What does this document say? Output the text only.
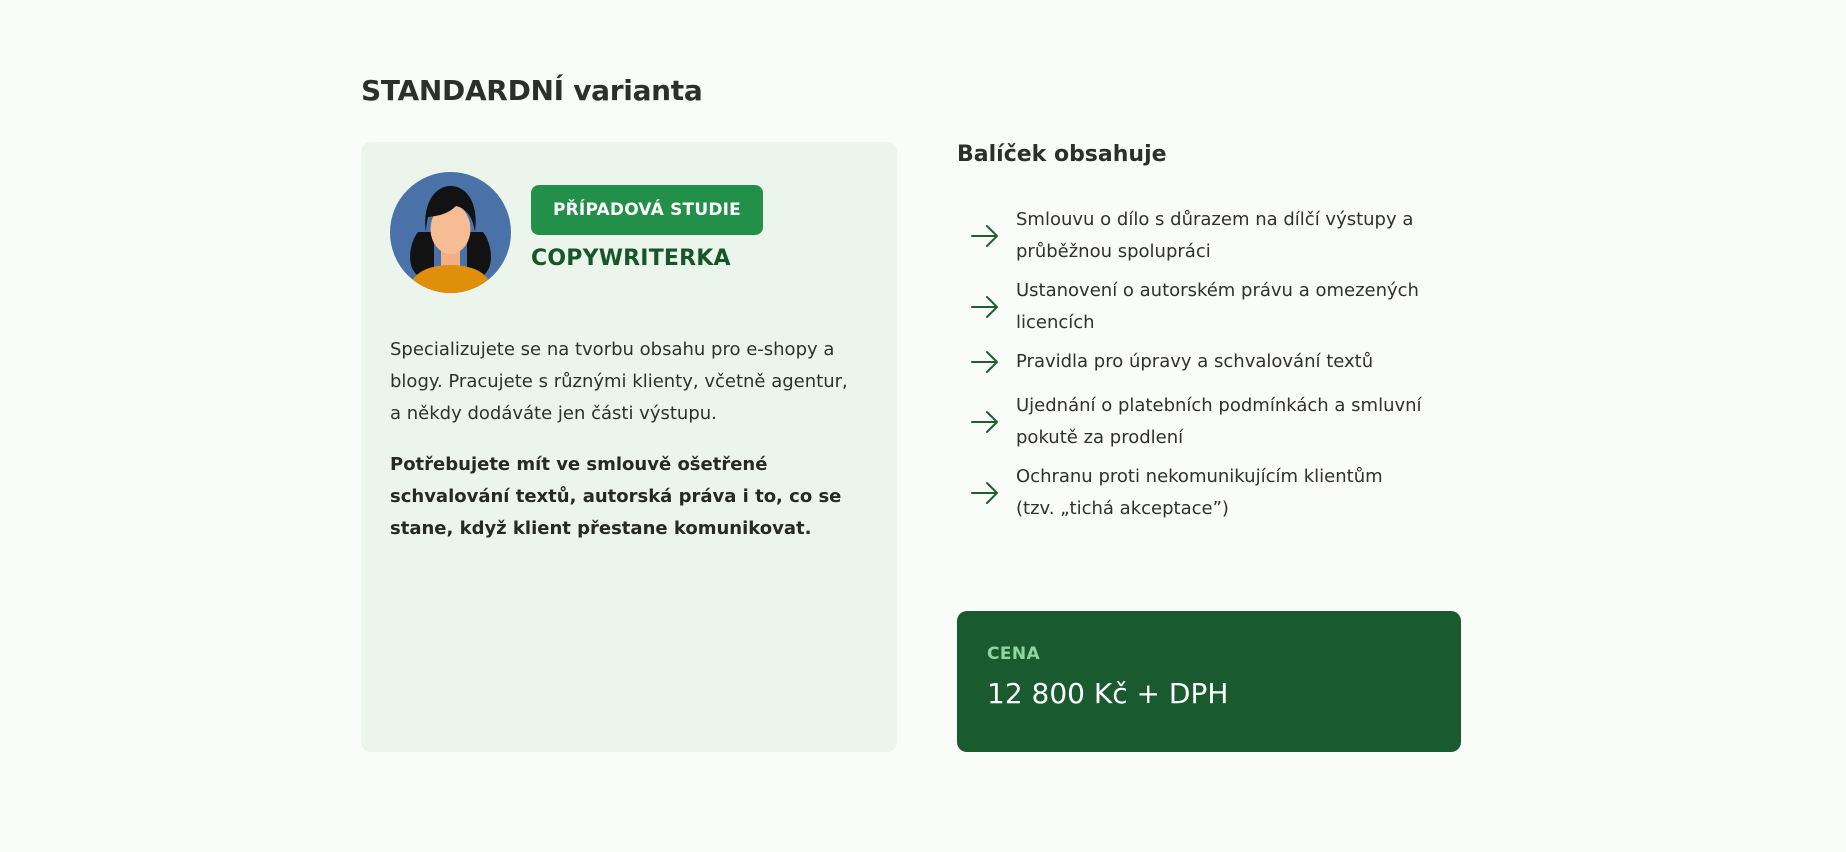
STANDARDNÍ varianta
PŘÍPADOVÁ STUDIE
COPYWRITERKA

Specializujete se na tvorbu obsahu pro e-shopy a blogy. Pracujete s různými klienty, včetně agentur, a někdy dodáváte jen části výstupu.

Potřebujete mít ve smlouvě ošetřené schvalování textů, autorská práva i to, co se stane, když klient přestane komunikovat.

Balíček obsahuje
Smlouvu o dílo s důrazem na dílčí výstupy a průběžnou spolupráci
Ustanovení o autorském právu a omezených licencích
Pravidla pro úpravy a schvalování textů
Ujednání o platebních podmínkách a smluvní pokutě za prodlení
Ochranu proti nekomunikujícím klientům (tzv. „tichá akceptace”)
CENA
12 800 Kč + DPH
